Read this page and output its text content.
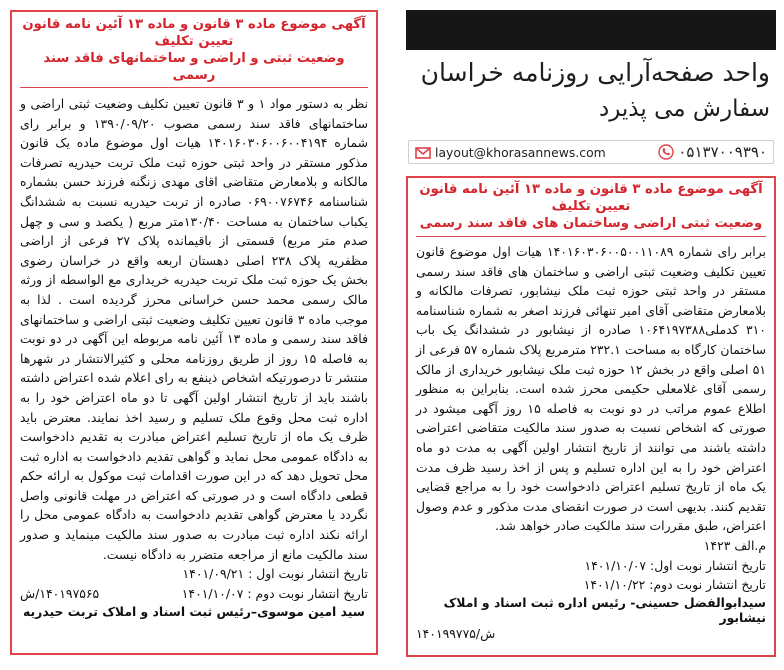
آگهی موضوع ماده ۳ قانون و ماده ۱۳ آئین نامه قانون تعیین تکلیف
وضعیت ثبتی و اراضی و ساختمانهای فاقد سند رسمی
نظر به دستور مواد ۱ و ۳ قانون تعیین تکلیف وضعیت ثبتی اراضی و ساختمانهای فاقد سند رسمی مصوب ۱۳۹۰/۰۹/۲۰ و برابر رای شماره ۱۴۰۱۶۰۳۰۶۰۰۶۰۰۴۱۹۴ هیات اول موضوع ماده یک قانون مذکور مستقر در واحد ثبتی حوزه ثبت ملک تربت حیدریه تصرفات مالکانه و بلامعارض متقاضی اقای مهدی زنگنه فرزند حسن بشماره شناسنامه ۰۶۹۰۰۷۶۷۴۶ صادره از تربت حیدریه نسبت به ششدانگ یکباب ساختمان به مساحت ۱۳۰/۴۰متر مربع ( یکصد و سی و چهل صدم متر مربع) قسمتی از باقیمانده پلاک ۲۷ فرعی از اراضی مظفریه پلاک ۲۳۸ اصلی دهستان اربعه واقع در خراسان رضوی بخش یک حوزه ثبت ملک تربت حیدریه خریداری مع الواسطه از ورثه مالک رسمی محمد حسن خراسانی محرز گردیده است . لذا به موجب ماده ۳ قانون تعیین تکلیف وضعیت ثبتی اراضی و ساختمانهای فاقد سند رسمی و ماده ۱۳ آئین نامه مربوطه این آگهی در دو نوبت به فاصله ۱۵ روز از طریق روزنامه محلی و کثیرالانتشار در شهرها منتشر تا درصورتیکه اشخاص ذینفع به رای اعلام شده اعتراض داشته باشند باید از تاریخ انتشار اولین آگهی تا دو ماه اعتراض خود را به اداره ثبت محل وقوع ملک تسلیم و رسید اخذ نمایند. معترض باید ظرف یک ماه از تاریخ تسلیم اعتراض مبادرت به تقدیم دادخواست به دادگاه عمومی محل نماید و گواهی تقدیم دادخواست به اداره ثبت محل تحویل دهد که در این صورت اقدامات ثبت موکول به ارائه حکم قطعی دادگاه است و در صورتی که اعتراض در مهلت قانونی واصل نگردد یا معترض گواهی تقدیم دادخواست به دادگاه عمومی محل را ارائه نکند اداره ثبت مبادرت به صدور سند مالکیت مینماید و صدور سند مالکیت مانع از مراجعه متضرر به دادگاه نیست.
تاریخ انتشار نوبت اول : ۱۴۰۱/۰۹/۲۱
تاریخ انتشار نوبت دوم : ۱۴۰۱/۱۰/۰۷
۱۴۰۱۹۷۵۶۵/ش
سید امین موسوی–رئیس ثبت اسناد و املاک تربت حیدریه
واحد صفحه‌آرایی روزنامه خراسان
سفارش می پذیرد
layout@khorasannews.com	۰۵۱۳۷۰۰۹۳۹۰
آگهی موضوع ماده ۳ قانون و ماده ۱۳ آئین نامه قانون تعیین تکلیف
وضعیت ثبتی اراضی وساختمان های فاقد سند رسمی
برابر رای شماره ۱۴۰۱۶۰۳۰۶۰۰۵۰۰۱۱۰۸۹ هیات اول موضوع قانون تعیین تکلیف وضعیت ثبتی اراضی و ساختمان های فاقد سند رسمی مستقر در واحد ثبتی حوزه ثبت ملک نیشابور، تصرفات مالکانه و بلامعارض متقاضی آقای امیر تنهائی فرزند اصغر به شماره شناسنامه ۳۱۰ کدملی۱۰۶۴۱۹۷۳۸۸ صادره از نیشابور در ششدانگ یک باب ساختمان کارگاه به مساحت ۲۳۲.۱ مترمربع پلاک شماره ۵۷ فرعی از ۵۱ اصلی واقع در بخش ۱۲ حوزه ثبت ملک نیشابور خریداری از مالک رسمی آقای غلامعلی حکیمی محرز شده است. بنابراین به منظور اطلاع عموم مراتب در دو نوبت به فاصله ۱۵ روز آگهی میشود در صورتی که اشخاص نسبت به صدور سند مالکیت متقاضی اعتراضی داشته باشند می توانند از تاریخ انتشار اولین آگهی به مدت دو ماه اعتراض خود را به این اداره تسلیم و پس از اخذ رسید ظرف مدت یک ماه از تاریخ تسلیم اعتراض دادخواست خود را به مراجع قضایی تقدیم کنند. بدیهی است در صورت انقضای مدت مذکور و عدم وصول اعتراض، طبق مقررات سند مالکیت صادر خواهد شد.
م.الف ۱۴۲۳
تاریخ انتشار نوبت اول: ۱۴۰۱/۱۰/۰۷
تاریخ انتشار نوبت دوم: ۱۴۰۱/۱۰/۲۲
سیدابوالفضل حسینی- رئیس اداره ثبت اسناد و املاک نیشابور
۱۴۰۱۹۹۷۷۵/ش
